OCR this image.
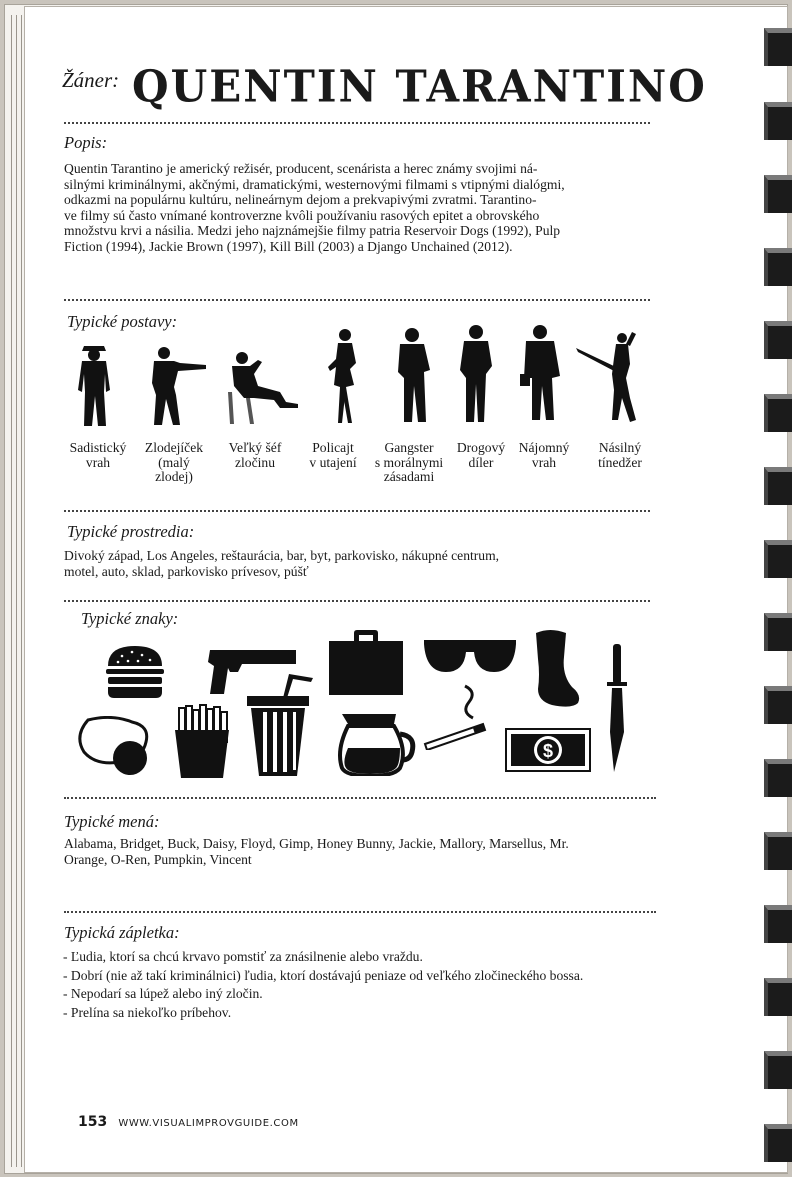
Žáner: QUENTIN TARANTINO
Popis:
Quentin Tarantino je americký režisér, producent, scenárista a herec známy svojimi ná-
silnými kriminálnymi, akčnými, dramatickými, westernovými filmami s vtipnými dialógmi,
odkazmi na populárnu kultúru, nelineárnym dejom a prekvapivými zvratmi. Tarantino-
ve filmy sú často vnímané kontroverzne kvôli používaniu rasových epitet a obrovského
množstvu krvi a násilia. Medzi jeho najznámejšie filmy patria Reservoir Dogs (1992), Pulp
Fiction (1994), Jackie Brown (1997), Kill Bill (2003) a Django Unchained (2012).
Typické postavy:
Sadistický
vrah
Zlodejíček
(malý
zlodej)
Veľký šéf
zločinu
Policajt
v utajení
Gangster
s morálnymi
zásadami
Drogový
díler
Nájomný
vrah
Násilný
tínedžer
Typické prostredia:
Divoký západ, Los Angeles, reštaurácia, bar, byt, parkovisko, nákupné centrum,
motel, auto, sklad, parkovisko prívesov, púšť
Typické znaky:
$
Typické mená:
Alabama, Bridget, Buck, Daisy, Floyd, Gimp, Honey Bunny, Jackie, Mallory, Marsellus, Mr.
Orange, O-Ren, Pumpkin, Vincent
Typická zápletka:
- Ľudia, ktorí sa chcú krvavo pomstiť za znásilnenie alebo vraždu.
- Dobrí (nie až takí kriminálnici) ľudia, ktorí dostávajú peniaze od veľkého zločineckého bossa.
- Nepodarí sa lúpež alebo iný zločin.
- Prelína sa niekoľko príbehov.
153 WWW.VISUALIMPROVGUIDE.COM
